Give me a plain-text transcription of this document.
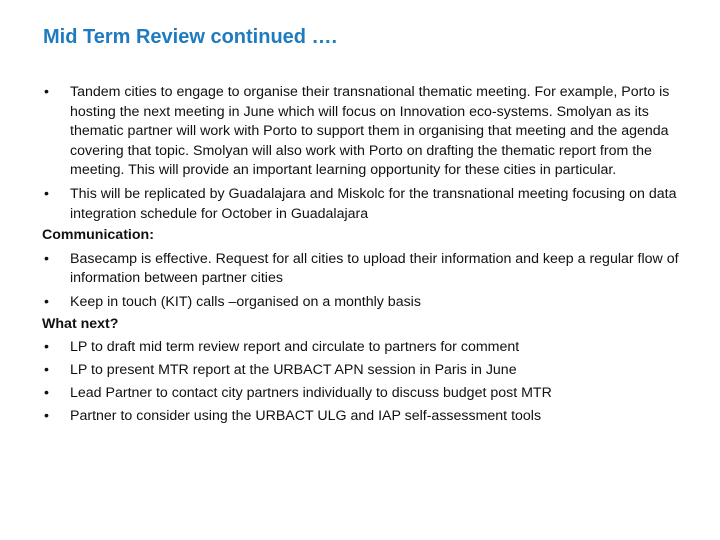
Mid Term Review continued ….
•	Tandem cities to engage to organise their transnational thematic meeting. For example, Porto is hosting the next meeting in June which will focus on Innovation eco-systems. Smolyan as its thematic partner will work with Porto to support them in organising that meeting and the agenda covering that topic. Smolyan will also work with Porto on drafting the thematic report from the meeting. This will provide an important learning opportunity for these cities in particular.
•	This will be replicated by Guadalajara and Miskolc for the transnational meeting focusing on data integration schedule for October in Guadalajara
Communication:
•	Basecamp is effective. Request for all cities to upload their information and keep a regular flow of information between partner cities
•	Keep in touch (KIT) calls –organised on a monthly basis
What next?
•	LP to draft mid term review report and circulate to partners for comment
•	LP to present MTR report at the URBACT APN session in Paris in June
•	Lead Partner to contact city partners individually to discuss budget post MTR
•	Partner to consider using the URBACT ULG and IAP self-assessment tools
